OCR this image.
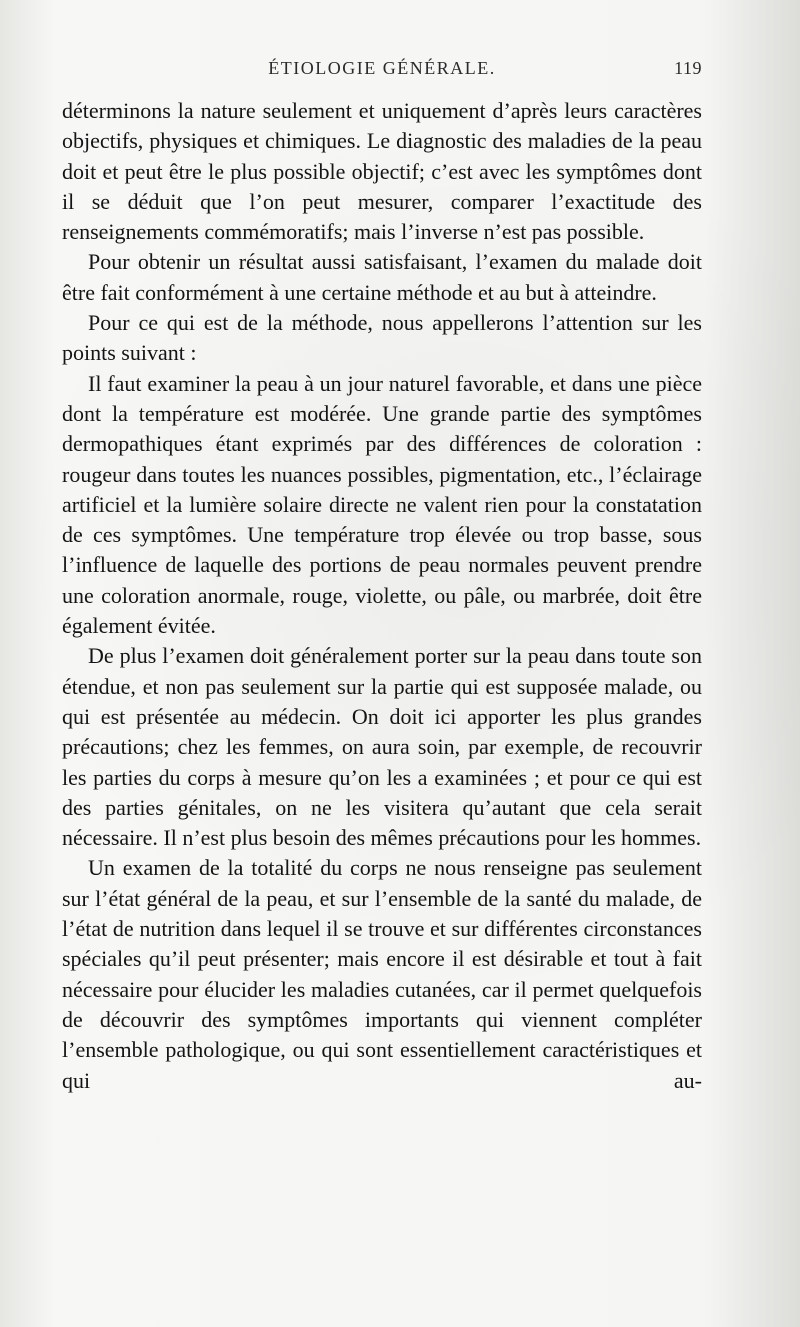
ÉTIOLOGIE GÉNÉRALE.	119

déterminons la nature seulement et uniquement d’après leurs caractères objectifs, physiques et chimiques. Le diagnostic des maladies de la peau doit et peut être le plus possible objectif; c’est avec les symptômes dont il se déduit que l’on peut mesurer, comparer l’exactitude des renseignements commémoratifs; mais l’inverse n’est pas possible.

Pour obtenir un résultat aussi satisfaisant, l’examen du malade doit être fait conformément à une certaine méthode et au but à atteindre.

Pour ce qui est de la méthode, nous appellerons l’attention sur les points suivant :

Il faut examiner la peau à un jour naturel favorable, et dans une pièce dont la température est modérée. Une grande partie des symptômes dermopathiques étant exprimés par des différences de coloration : rougeur dans toutes les nuances possibles, pigmentation, etc., l’éclairage artificiel et la lumière solaire directe ne valent rien pour la constatation de ces symptômes. Une température trop élevée ou trop basse, sous l’influence de laquelle des portions de peau normales peuvent prendre une coloration anormale, rouge, violette, ou pâle, ou marbrée, doit être également évitée.

De plus l’examen doit généralement porter sur la peau dans toute son étendue, et non pas seulement sur la partie qui est supposée malade, ou qui est présentée au médecin. On doit ici apporter les plus grandes précautions; chez les femmes, on aura soin, par exemple, de recouvrir les parties du corps à mesure qu’on les a examinées ; et pour ce qui est des parties génitales, on ne les visitera qu’autant que cela serait nécessaire. Il n’est plus besoin des mêmes précautions pour les hommes.

Un examen de la totalité du corps ne nous renseigne pas seulement sur l’état général de la peau, et sur l’ensemble de la santé du malade, de l’état de nutrition dans lequel il se trouve et sur différentes circonstances spéciales qu’il peut présenter; mais encore il est désirable et tout à fait nécessaire pour élucider les maladies cutanées, car il permet quelquefois de découvrir des symptômes importants qui viennent compléter l’ensemble pathologique, ou qui sont essentiellement caractéristiques et qui au-
